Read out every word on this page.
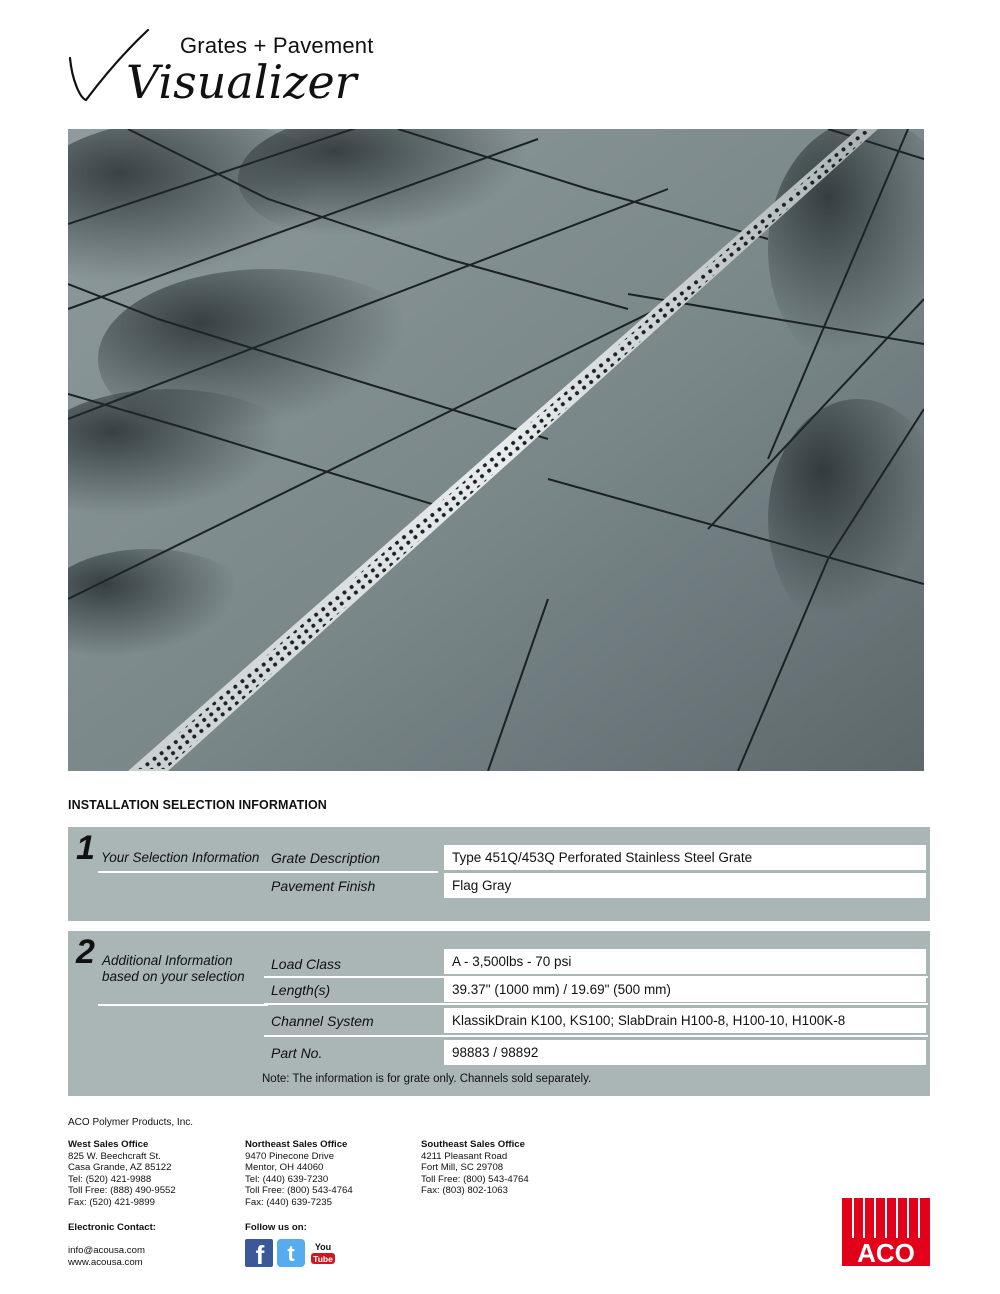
Grates + Pavement
Visualizer
INSTALLATION SELECTION INFORMATION
1 Your Selection Information Grate Description	Type 451Q/453Q Perforated Stainless Steel Grate
Pavement Finish	Flag Gray
2 Additional Information
based on your selection
Load Class	A - 3,500lbs - 70 psi
Length(s)	39.37" (1000 mm) / 19.69" (500 mm)
Channel System	KlassikDrain K100, KS100; SlabDrain H100-8, H100-10, H100K-8
Part No.	98883 / 98892
Note: The information is for grate only. Channels sold separately.
ACO Polymer Products, Inc.
West Sales Office
825 W. Beechcraft St.
Casa Grande, AZ 85122
Tel: (520) 421-9988
Toll Free: (888) 490-9552
Fax: (520) 421-9899
Northeast Sales Office
9470 Pinecone Drive
Mentor, OH 44060
Tel: (440) 639-7230
Toll Free: (800) 543-4764
Fax: (440) 639-7235
Southeast Sales Office
4211 Pleasant Road
Fort Mill, SC 29708
Toll Free: (800) 543-4764
Fax: (803) 802-1063
Electronic Contact:
info@acousa.com
www.acousa.com
Follow us on:
f t You
Tube	ACO
